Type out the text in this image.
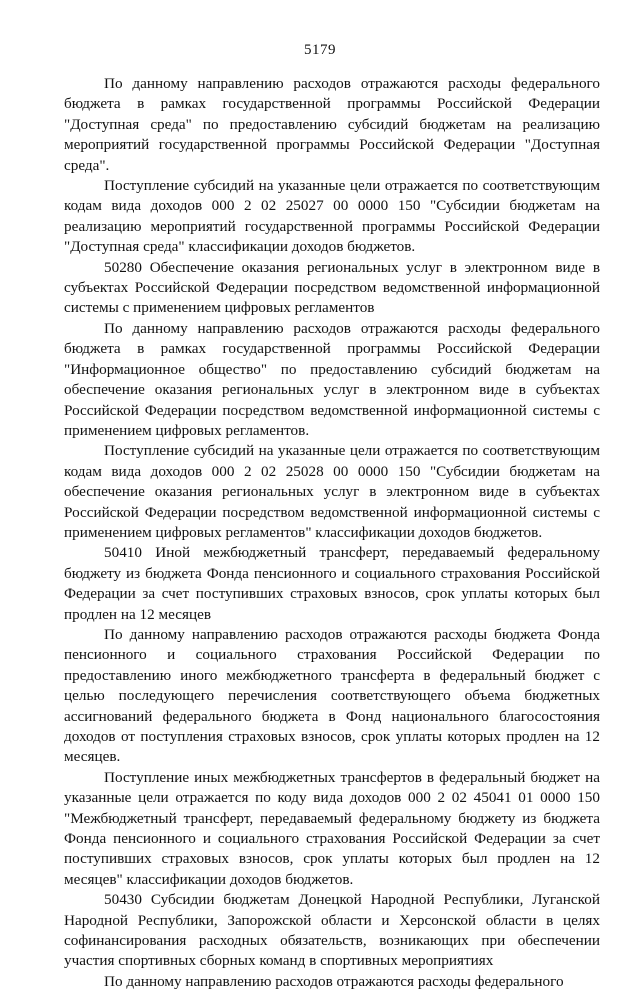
5179

По данному направлению расходов отражаются расходы федерального бюджета в рамках государственной программы Российской Федерации "Доступная среда" по предоставлению субсидий бюджетам на реализацию мероприятий государственной программы Российской Федерации "Доступная среда".

Поступление субсидий на указанные цели отражается по соответствующим кодам вида доходов 000 2 02 25027 00 0000 150 "Субсидии бюджетам на реализацию мероприятий государственной программы Российской Федерации "Доступная среда" классификации доходов бюджетов.

50280 Обеспечение оказания региональных услуг в электронном виде в субъектах Российской Федерации посредством ведомственной информационной системы с применением цифровых регламентов

По данному направлению расходов отражаются расходы федерального бюджета в рамках государственной программы Российской Федерации "Информационное общество" по предоставлению субсидий бюджетам на обеспечение оказания региональных услуг в электронном виде в субъектах Российской Федерации посредством ведомственной информационной системы с применением цифровых регламентов.

Поступление субсидий на указанные цели отражается по соответствующим кодам вида доходов 000 2 02 25028 00 0000 150 "Субсидии бюджетам на обеспечение оказания региональных услуг в электронном виде в субъектах Российской Федерации посредством ведомственной информационной системы с применением цифровых регламентов" классификации доходов бюджетов.

50410 Иной межбюджетный трансферт, передаваемый федеральному бюджету из бюджета Фонда пенсионного и социального страхования Российской Федерации за счет поступивших страховых взносов, срок уплаты которых был продлен на 12 месяцев

По данному направлению расходов отражаются расходы бюджета Фонда пенсионного и социального страхования Российской Федерации по предоставлению иного межбюджетного трансферта в федеральный бюджет с целью последующего перечисления соответствующего объема бюджетных ассигнований федерального бюджета в Фонд национального благосостояния доходов от поступления страховых взносов, срок уплаты которых продлен на 12 месяцев.

Поступление иных межбюджетных трансфертов в федеральный бюджет на указанные цели отражается по коду вида доходов 000 2 02 45041 01 0000 150 "Межбюджетный трансферт, передаваемый федеральному бюджету из бюджета Фонда пенсионного и социального страхования Российской Федерации за счет поступивших страховых взносов, срок уплаты которых был продлен на 12 месяцев" классификации доходов бюджетов.

50430 Субсидии бюджетам Донецкой Народной Республики, Луганской Народной Республики, Запорожской области и Херсонской области в целях софинансирования расходных обязательств, возникающих при обеспечении участия спортивных сборных команд в спортивных мероприятиях

По данному направлению расходов отражаются расходы федерального
